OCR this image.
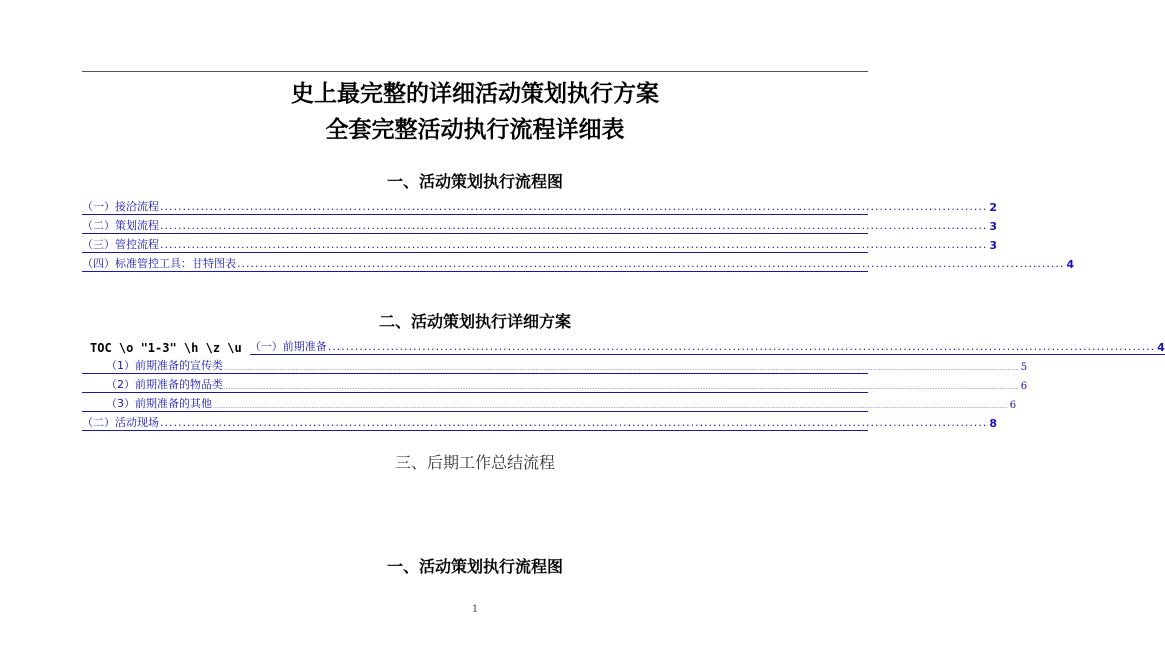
史上最完整的详细活动策划执行方案
全套完整活动执行流程详细表
一、活动策划执行流程图
（一）接洽流程 ........................................................................................................................................................................................ 2
（二）策划流程 ........................................................................................................................................................................................ 3
（三）管控流程 ........................................................................................................................................................................................ 3
（四）标准管控工具：甘特图表 ........................................................................................................................................................................................ 4
二、活动策划执行详细方案
TOC \o "1-3" \h \z \u （一）前期准备 ........................................................................................................................................................................................ 4
（1）前期准备的宣传类 .................................................................................................................................................................................................................................................................................................................................................................................................................................................................................................................... 5
（2）前期准备的物品类 .................................................................................................................................................................................................................................................................................................................................................................................................................................................................................................................... 6
（3）前期准备的其他 .................................................................................................................................................................................................................................................................................................................................................................................................................................................................................................................... 6
（二）活动现场 ........................................................................................................................................................................................ 8
三、后期工作总结流程
一、活动策划执行流程图
1
